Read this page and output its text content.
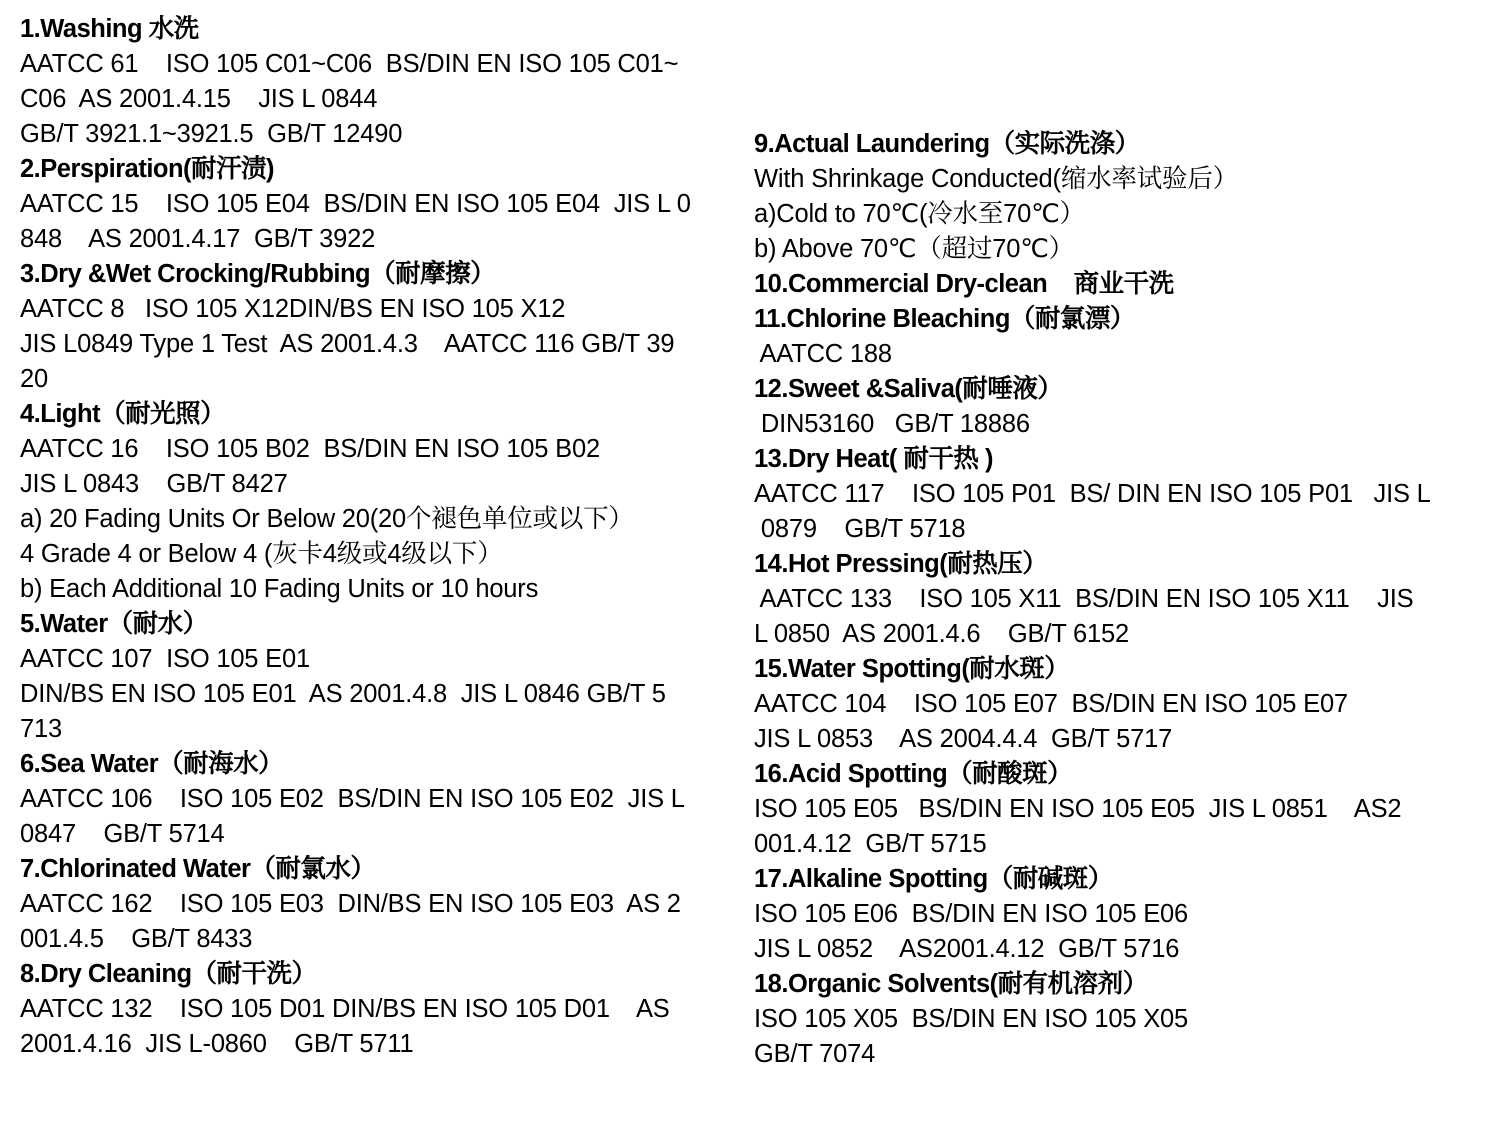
1.Washing 水洗
AATCC 61    ISO 105 C01~C06  BS/DIN EN ISO 105 C01~
C06  AS 2001.4.15    JIS L 0844
GB/T 3921.1~3921.5  GB/T 12490
2.Perspiration(耐汗渍)
AATCC 15    ISO 105 E04  BS/DIN EN ISO 105 E04  JIS L 0
848    AS 2001.4.17  GB/T 3922
3.Dry &Wet Crocking/Rubbing（耐摩擦）
AATCC 8   ISO 105 X12DIN/BS EN ISO 105 X12
JIS L0849 Type 1 Test  AS 2001.4.3    AATCC 116 GB/T 39
20
4.Light（耐光照）
AATCC 16    ISO 105 B02  BS/DIN EN ISO 105 B02
JIS L 0843    GB/T 8427
a) 20 Fading Units Or Below 20(20个褪色单位或以下）
4 Grade 4 or Below 4 (灰卡4级或4级以下）
b) Each Additional 10 Fading Units or 10 hours
5.Water（耐水）
AATCC 107  ISO 105 E01
DIN/BS EN ISO 105 E01  AS 2001.4.8  JIS L 0846 GB/T 5
713
6.Sea Water（耐海水）
AATCC 106    ISO 105 E02  BS/DIN EN ISO 105 E02  JIS L
0847    GB/T 5714
7.Chlorinated Water（耐氯水）
AATCC 162    ISO 105 E03  DIN/BS EN ISO 105 E03  AS 2
001.4.5    GB/T 8433
8.Dry Cleaning（耐干洗）
AATCC 132    ISO 105 D01 DIN/BS EN ISO 105 D01    AS
2001.4.16  JIS L-0860    GB/T 5711
9.Actual Laundering（实际洗涤）
With Shrinkage Conducted(缩水率试验后）
a)Cold to 70℃(冷水至70℃）
b) Above 70℃（超过70℃）
10.Commercial Dry-clean    商业干洗
11.Chlorine Bleaching（耐氯漂）
AATCC 188
12.Sweet &Saliva(耐唾液）
DIN53160   GB/T 18886
13.Dry Heat( 耐干热 )
AATCC 117    ISO 105 P01  BS/ DIN EN ISO 105 P01   JIS L
0879    GB/T 5718
14.Hot Pressing(耐热压）
AATCC 133    ISO 105 X11  BS/DIN EN ISO 105 X11    JIS
L 0850  AS 2001.4.6    GB/T 6152
15.Water Spotting(耐水斑）
AATCC 104    ISO 105 E07  BS/DIN EN ISO 105 E07
JIS L 0853    AS 2004.4.4  GB/T 5717
16.Acid Spotting（耐酸斑）
ISO 105 E05   BS/DIN EN ISO 105 E05  JIS L 0851    AS2
001.4.12  GB/T 5715
17.Alkaline Spotting（耐碱斑）
ISO 105 E06  BS/DIN EN ISO 105 E06
JIS L 0852    AS2001.4.12  GB/T 5716
18.Organic Solvents(耐有机溶剂）
ISO 105 X05  BS/DIN EN ISO 105 X05
GB/T 7074
